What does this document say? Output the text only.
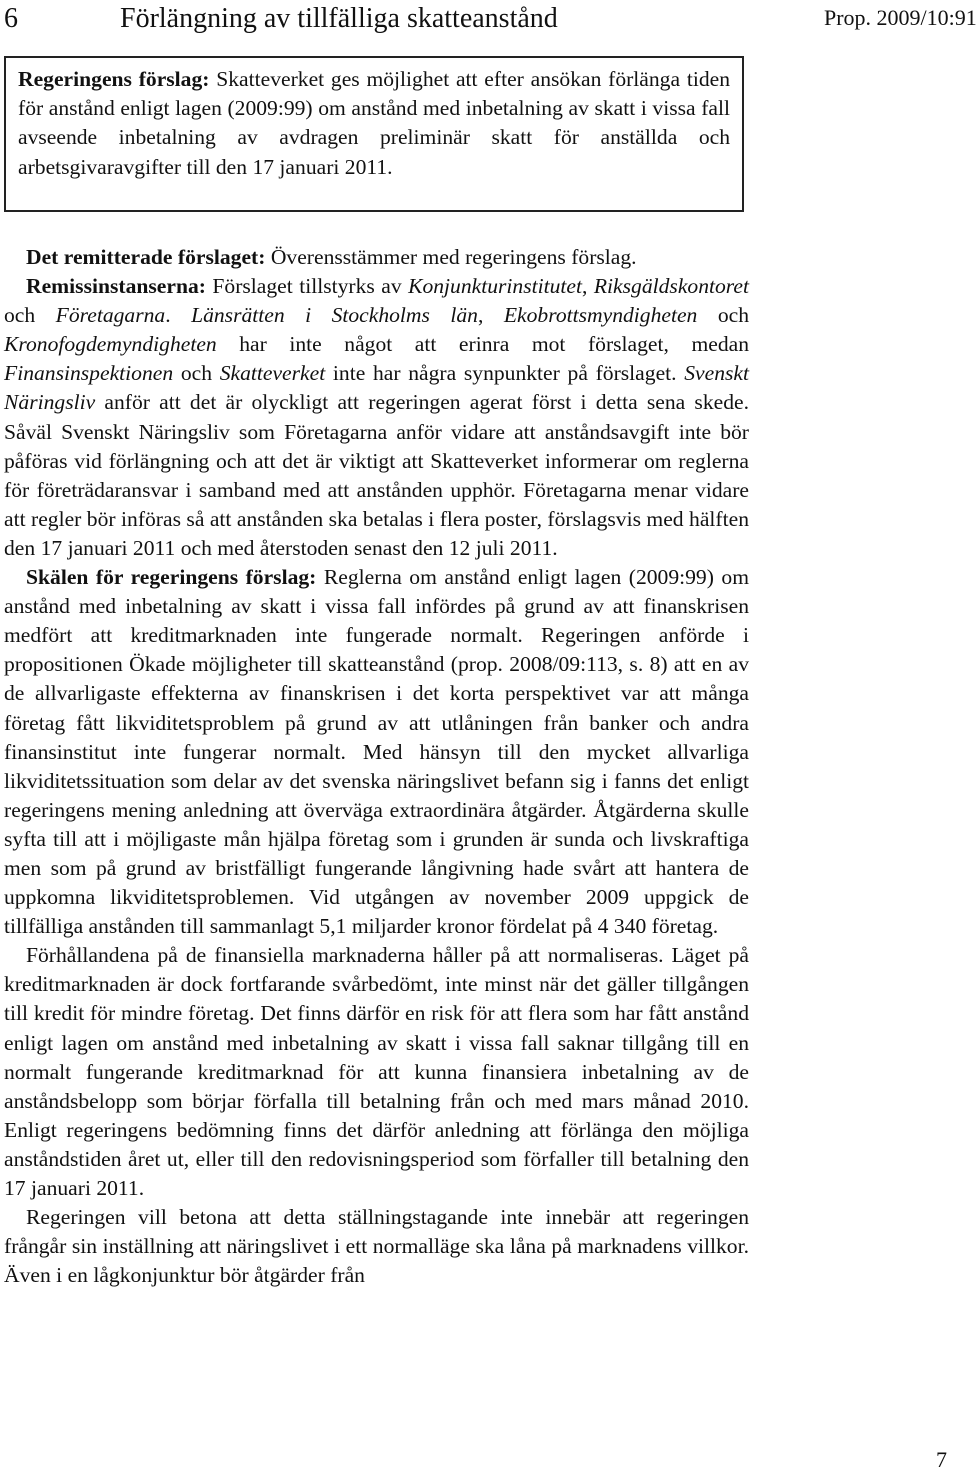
6	Förlängning av tillfälliga skatteanstånd	Prop. 2009/10:91

Regeringens förslag: Skatteverket ges möjlighet att efter ansökan förlänga tiden för anstånd enligt lagen (2009:99) om anstånd med inbetalning av skatt i vissa fall avseende inbetalning av avdragen preliminär skatt för anställda och arbetsgivaravgifter till den 17 januari 2011.

Det remitterade förslaget: Överensstämmer med regeringens förslag.

Remissinstanserna: Förslaget tillstyrks av Konjunkturinstitutet, Riksgäldskontoret och Företagarna. Länsrätten i Stockholms län, Ekobrottsmyndigheten och Kronofogdemyndigheten har inte något att erinra mot förslaget, medan Finansinspektionen och Skatteverket inte har några synpunkter på förslaget. Svenskt Näringsliv anför att det är olyckligt att regeringen agerat först i detta sena skede. Såväl Svenskt Näringsliv som Företagarna anför vidare att anståndsavgift inte bör påföras vid förlängning och att det är viktigt att Skatteverket informerar om reglerna för företrädaransvar i samband med att anstånden upphör. Företagarna menar vidare att regler bör införas så att anstånden ska betalas i flera poster, förslagsvis med hälften den 17 januari 2011 och med återstoden senast den 12 juli 2011.

Skälen för regeringens förslag: Reglerna om anstånd enligt lagen (2009:99) om anstånd med inbetalning av skatt i vissa fall infördes på grund av att finanskrisen medfört att kreditmarknaden inte fungerade normalt. Regeringen anförde i propositionen Ökade möjligheter till skatteanstånd (prop. 2008/09:113, s. 8) att en av de allvarligaste effekterna av finanskrisen i det korta perspektivet var att många företag fått likviditetsproblem på grund av att utlåningen från banker och andra finansinstitut inte fungerar normalt. Med hänsyn till den mycket allvarliga likviditetssituation som delar av det svenska näringslivet befann sig i fanns det enligt regeringens mening anledning att överväga extraordinära åtgärder. Åtgärderna skulle syfta till att i möjligaste mån hjälpa företag som i grunden är sunda och livskraftiga men som på grund av bristfälligt fungerande långivning hade svårt att hantera de uppkomna likviditetsproblemen. Vid utgången av november 2009 uppgick de tillfälliga anstånden till sammanlagt 5,1 miljarder kronor fördelat på 4 340 företag.

Förhållandena på de finansiella marknaderna håller på att normaliseras. Läget på kreditmarknaden är dock fortfarande svårbedömt, inte minst när det gäller tillgången till kredit för mindre företag. Det finns därför en risk för att flera som har fått anstånd enligt lagen om anstånd med inbetalning av skatt i vissa fall saknar tillgång till en normalt fungerande kreditmarknad för att kunna finansiera inbetalning av de anståndsbelopp som börjar förfalla till betalning från och med mars månad 2010. Enligt regeringens bedömning finns det därför anledning att förlänga den möjliga anståndstiden året ut, eller till den redovisningsperiod som förfaller till betalning den 17 januari 2011.

Regeringen vill betona att detta ställningstagande inte innebär att regeringen frångår sin inställning att näringslivet i ett normalläge ska låna på marknadens villkor. Även i en lågkonjunktur bör åtgärder från

7
